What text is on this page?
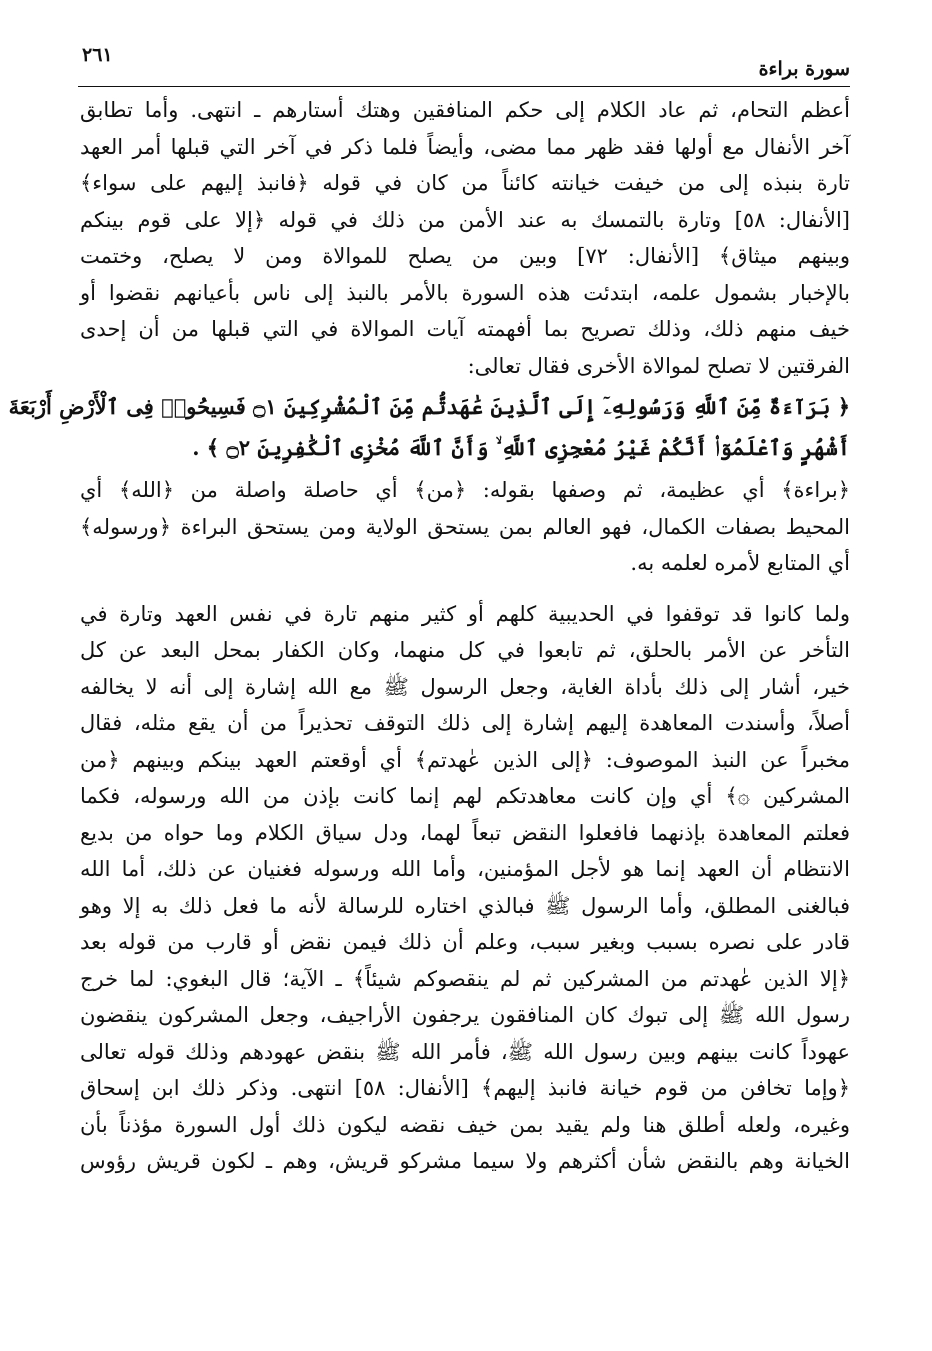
سورة براءة
٢٦١
أعظم التحام، ثم عاد الكلام إلى حكم المنافقين وهتك أستارهم ـ انتهى. وأما تطابق
آخر الأنفال مع أولها فقد ظهر مما مضى، وأيضاً فلما ذكر في آخر التي قبلها أمر العهد
تارة بنبذه إلى من خيفت خيانته كائناً من كان في قوله ﴿فانبذ إليهم على سواء﴾
[الأنفال: ٥٨] وتارة بالتمسك به عند الأمن من ذلك في قوله ﴿إلا على قوم بينكم
وبينهم ميثاق﴾ [الأنفال: ٧٢] وبين من يصلح للموالاة ومن لا يصلح، وختمت
بالإخبار بشمول علمه، ابتدئت هذه السورة بالأمر بالنبذ إلى ناس بأعيانهم نقضوا أو
خيف منهم ذلك، وذلك تصريح بما أفهمته آيات الموالاة في التي قبلها من أن إحدى
الفرقتين لا تصلح لموالاة الأخرى فقال تعالى:
﴿ بَرَآءَةٌ مِّنَ ٱللَّهِ وَرَسُولِهِۦٓ إِلَى ٱلَّذِينَ عَٰهَدتُّم مِّنَ ٱلْمُشْرِكِينَ ۝١ فَسِيحُوا۟ فِى ٱلْأَرْضِ أَرْبَعَةَ
أَشْهُرٍ وَٱعْلَمُوٓا۟ أَنَّكُمْ غَيْرُ مُعْجِزِى ٱللَّهِ ۙ وَأَنَّ ٱللَّهَ مُخْزِى ٱلْكَٰفِرِينَ ۝٢ ﴾ .
﴿براءة﴾ أي عظيمة، ثم وصفها بقوله: ﴿من﴾ أي حاصلة واصلة من ﴿الله﴾ أي
المحيط بصفات الكمال، فهو العالم بمن يستحق الولاية ومن يستحق البراءة ﴿ورسوله﴾
أي المتابع لأمره لعلمه به.
ولما كانوا قد توقفوا في الحديبية كلهم أو كثير منهم تارة في نفس العهد وتارة في
التأخر عن الأمر بالحلق، ثم تابعوا في كل منهما، وكان الكفار بمحل البعد عن كل
خير، أشار إلى ذلك بأداة الغاية، وجعل الرسول ﷺ مع الله إشارة إلى أنه لا يخالفه
أصلاً، وأسندت المعاهدة إليهم إشارة إلى ذلك التوقف تحذيراً من أن يقع مثله، فقال
مخبراً عن النبذ الموصوف: ﴿إلى الذين عٰهدتم﴾ أي أوقعتم العهد بينكم وبينهم ﴿من
المشركين ۞﴾ أي وإن كانت معاهدتكم لهم إنما كانت بإذن من الله ورسوله، فكما
فعلتم المعاهدة بإذنهما فافعلوا النقض تبعاً لهما، ودل سياق الكلام وما حواه من بديع
الانتظام أن العهد إنما هو لأجل المؤمنين، وأما الله ورسوله فغنيان عن ذلك، أما الله
فبالغنى المطلق، وأما الرسول ﷺ فبالذي اختاره للرسالة لأنه ما فعل ذلك به إلا وهو
قادر على نصره بسبب وبغير سبب، وعلم أن ذلك فيمن نقض أو قارب من قوله بعد
﴿إلا الذين عٰهدتم من المشركين ثم لم ينقصوكم شيئاً﴾ ـ الآية؛ قال البغوي: لما خرج
رسول الله ﷺ إلى تبوك كان المنافقون يرجفون الأراجيف، وجعل المشركون ينقضون
عهوداً كانت بينهم وبين رسول الله ﷺ، فأمر الله ﷺ بنقض عهودهم وذلك قوله تعالى
﴿وإما تخافن من قوم خيانة فانبذ إليهم﴾ [الأنفال: ٥٨] انتهى. وذكر ذلك ابن إسحاق
وغيره، ولعله أطلق هنا ولم يقيد بمن خيف نقضه ليكون ذلك أول السورة مؤذناً بأن
الخيانة وهم بالنقض شأن أكثرهم ولا سيما مشركو قريش، وهم ـ لكون قريش رؤوس
